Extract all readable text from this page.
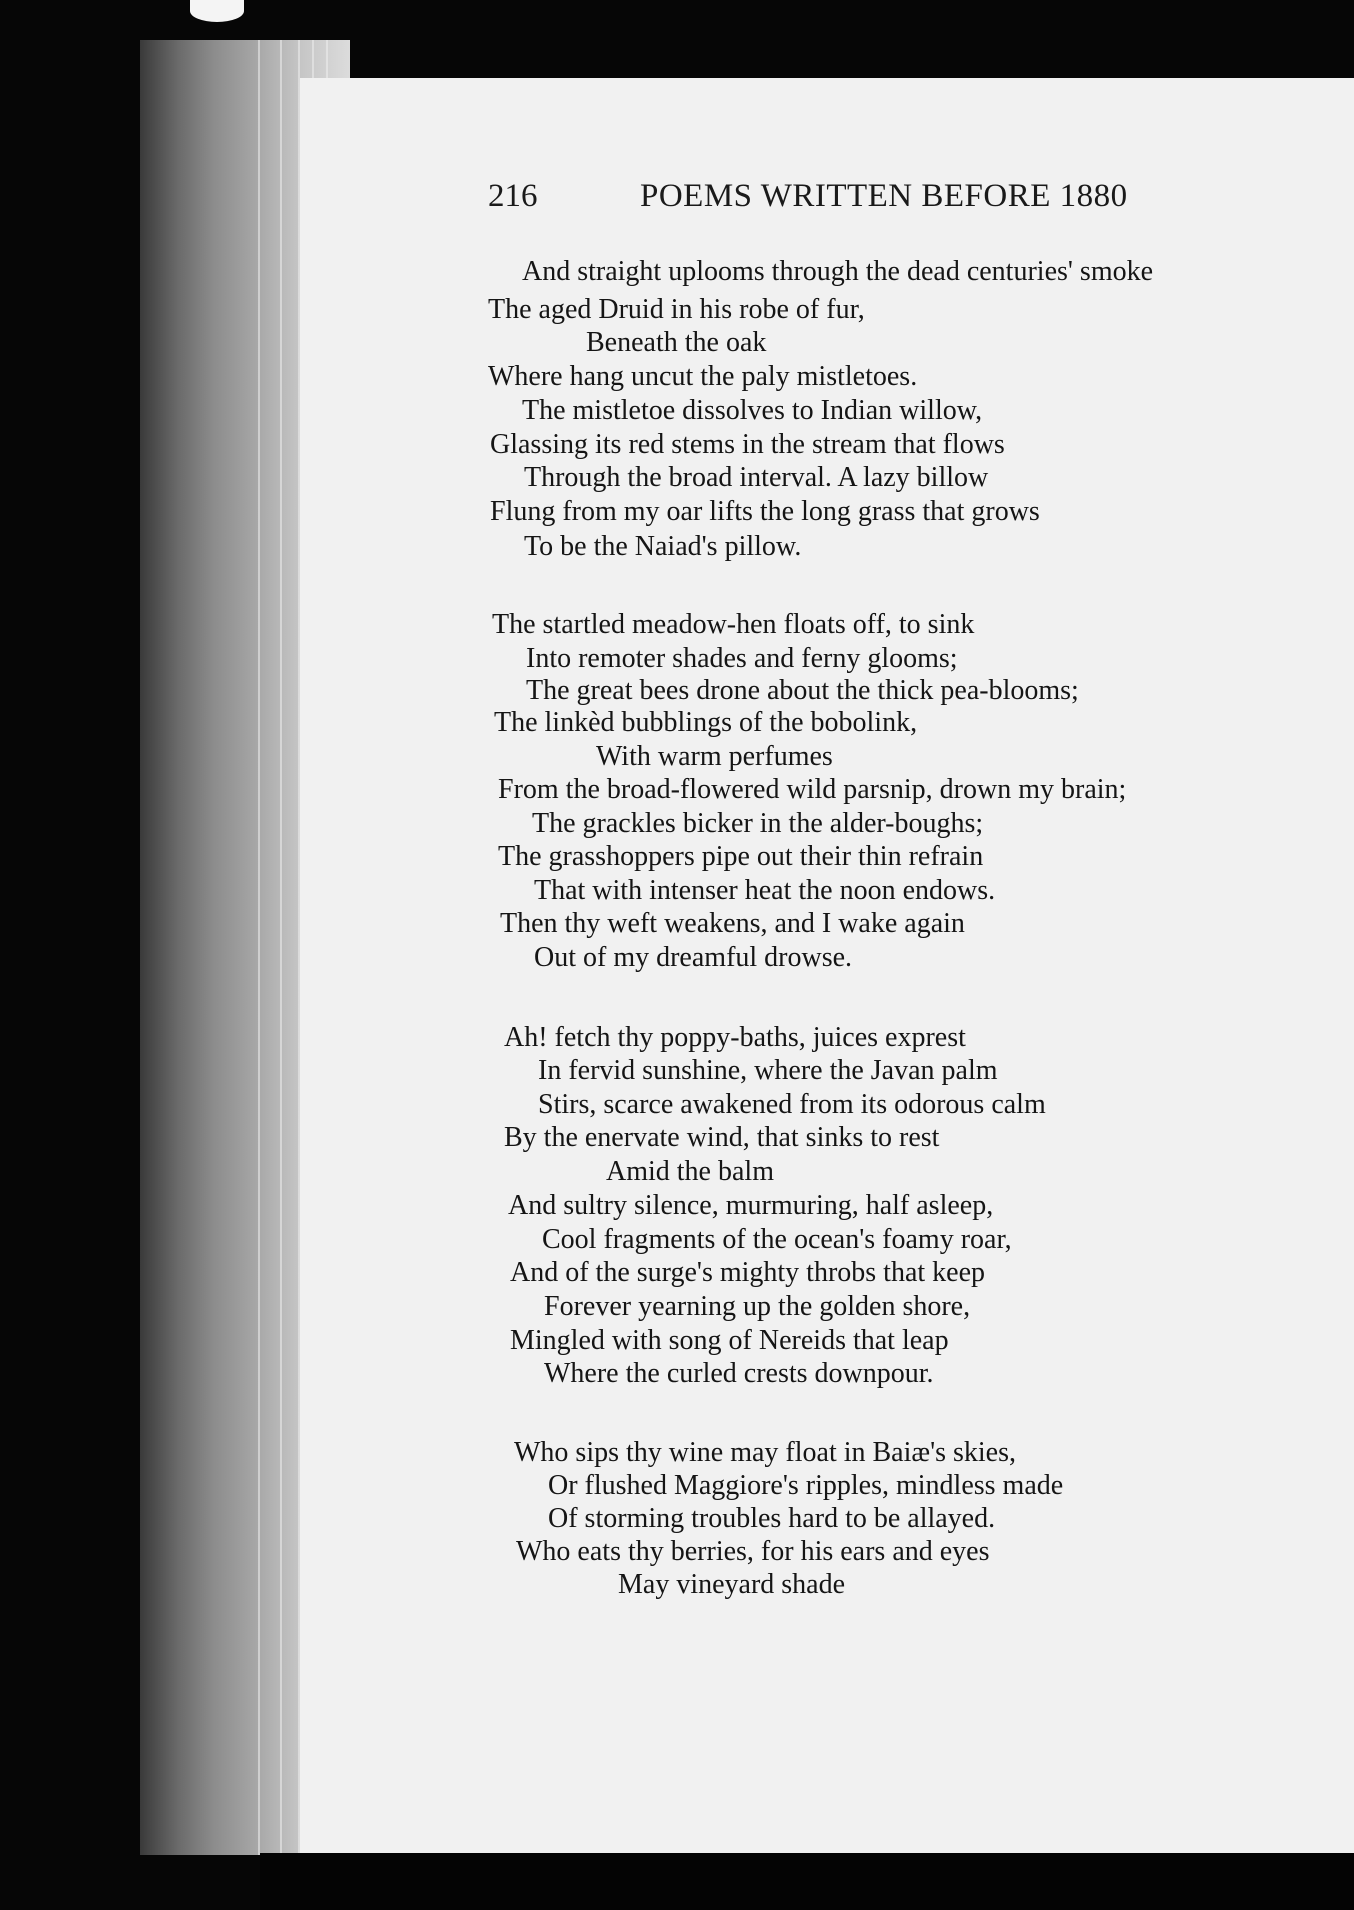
216	POEMS WRITTEN BEFORE 1880
And straight uplooms through the dead centuries' smoke
The aged Druid in his robe of fur,
Beneath the oak
Where hang uncut the paly mistletoes.
The mistletoe dissolves to Indian willow,
Glassing its red stems in the stream that flows
Through the broad interval. A lazy billow
Flung from my oar lifts the long grass that grows
To be the Naiad's pillow.
The startled meadow-hen floats off, to sink
Into remoter shades and ferny glooms;
The great bees drone about the thick pea-blooms;
The linkèd bubblings of the bobolink,
With warm perfumes
From the broad-flowered wild parsnip, drown my brain;
The grackles bicker in the alder-boughs;
The grasshoppers pipe out their thin refrain
That with intenser heat the noon endows.
Then thy weft weakens, and I wake again
Out of my dreamful drowse.
Ah! fetch thy poppy-baths, juices exprest
In fervid sunshine, where the Javan palm
Stirs, scarce awakened from its odorous calm
By the enervate wind, that sinks to rest
Amid the balm
And sultry silence, murmuring, half asleep,
Cool fragments of the ocean's foamy roar,
And of the surge's mighty throbs that keep
Forever yearning up the golden shore,
Mingled with song of Nereids that leap
Where the curled crests downpour.
Who sips thy wine may float in Baiæ's skies,
Or flushed Maggiore's ripples, mindless made
Of storming troubles hard to be allayed.
Who eats thy berries, for his ears and eyes
May vineyard shade
